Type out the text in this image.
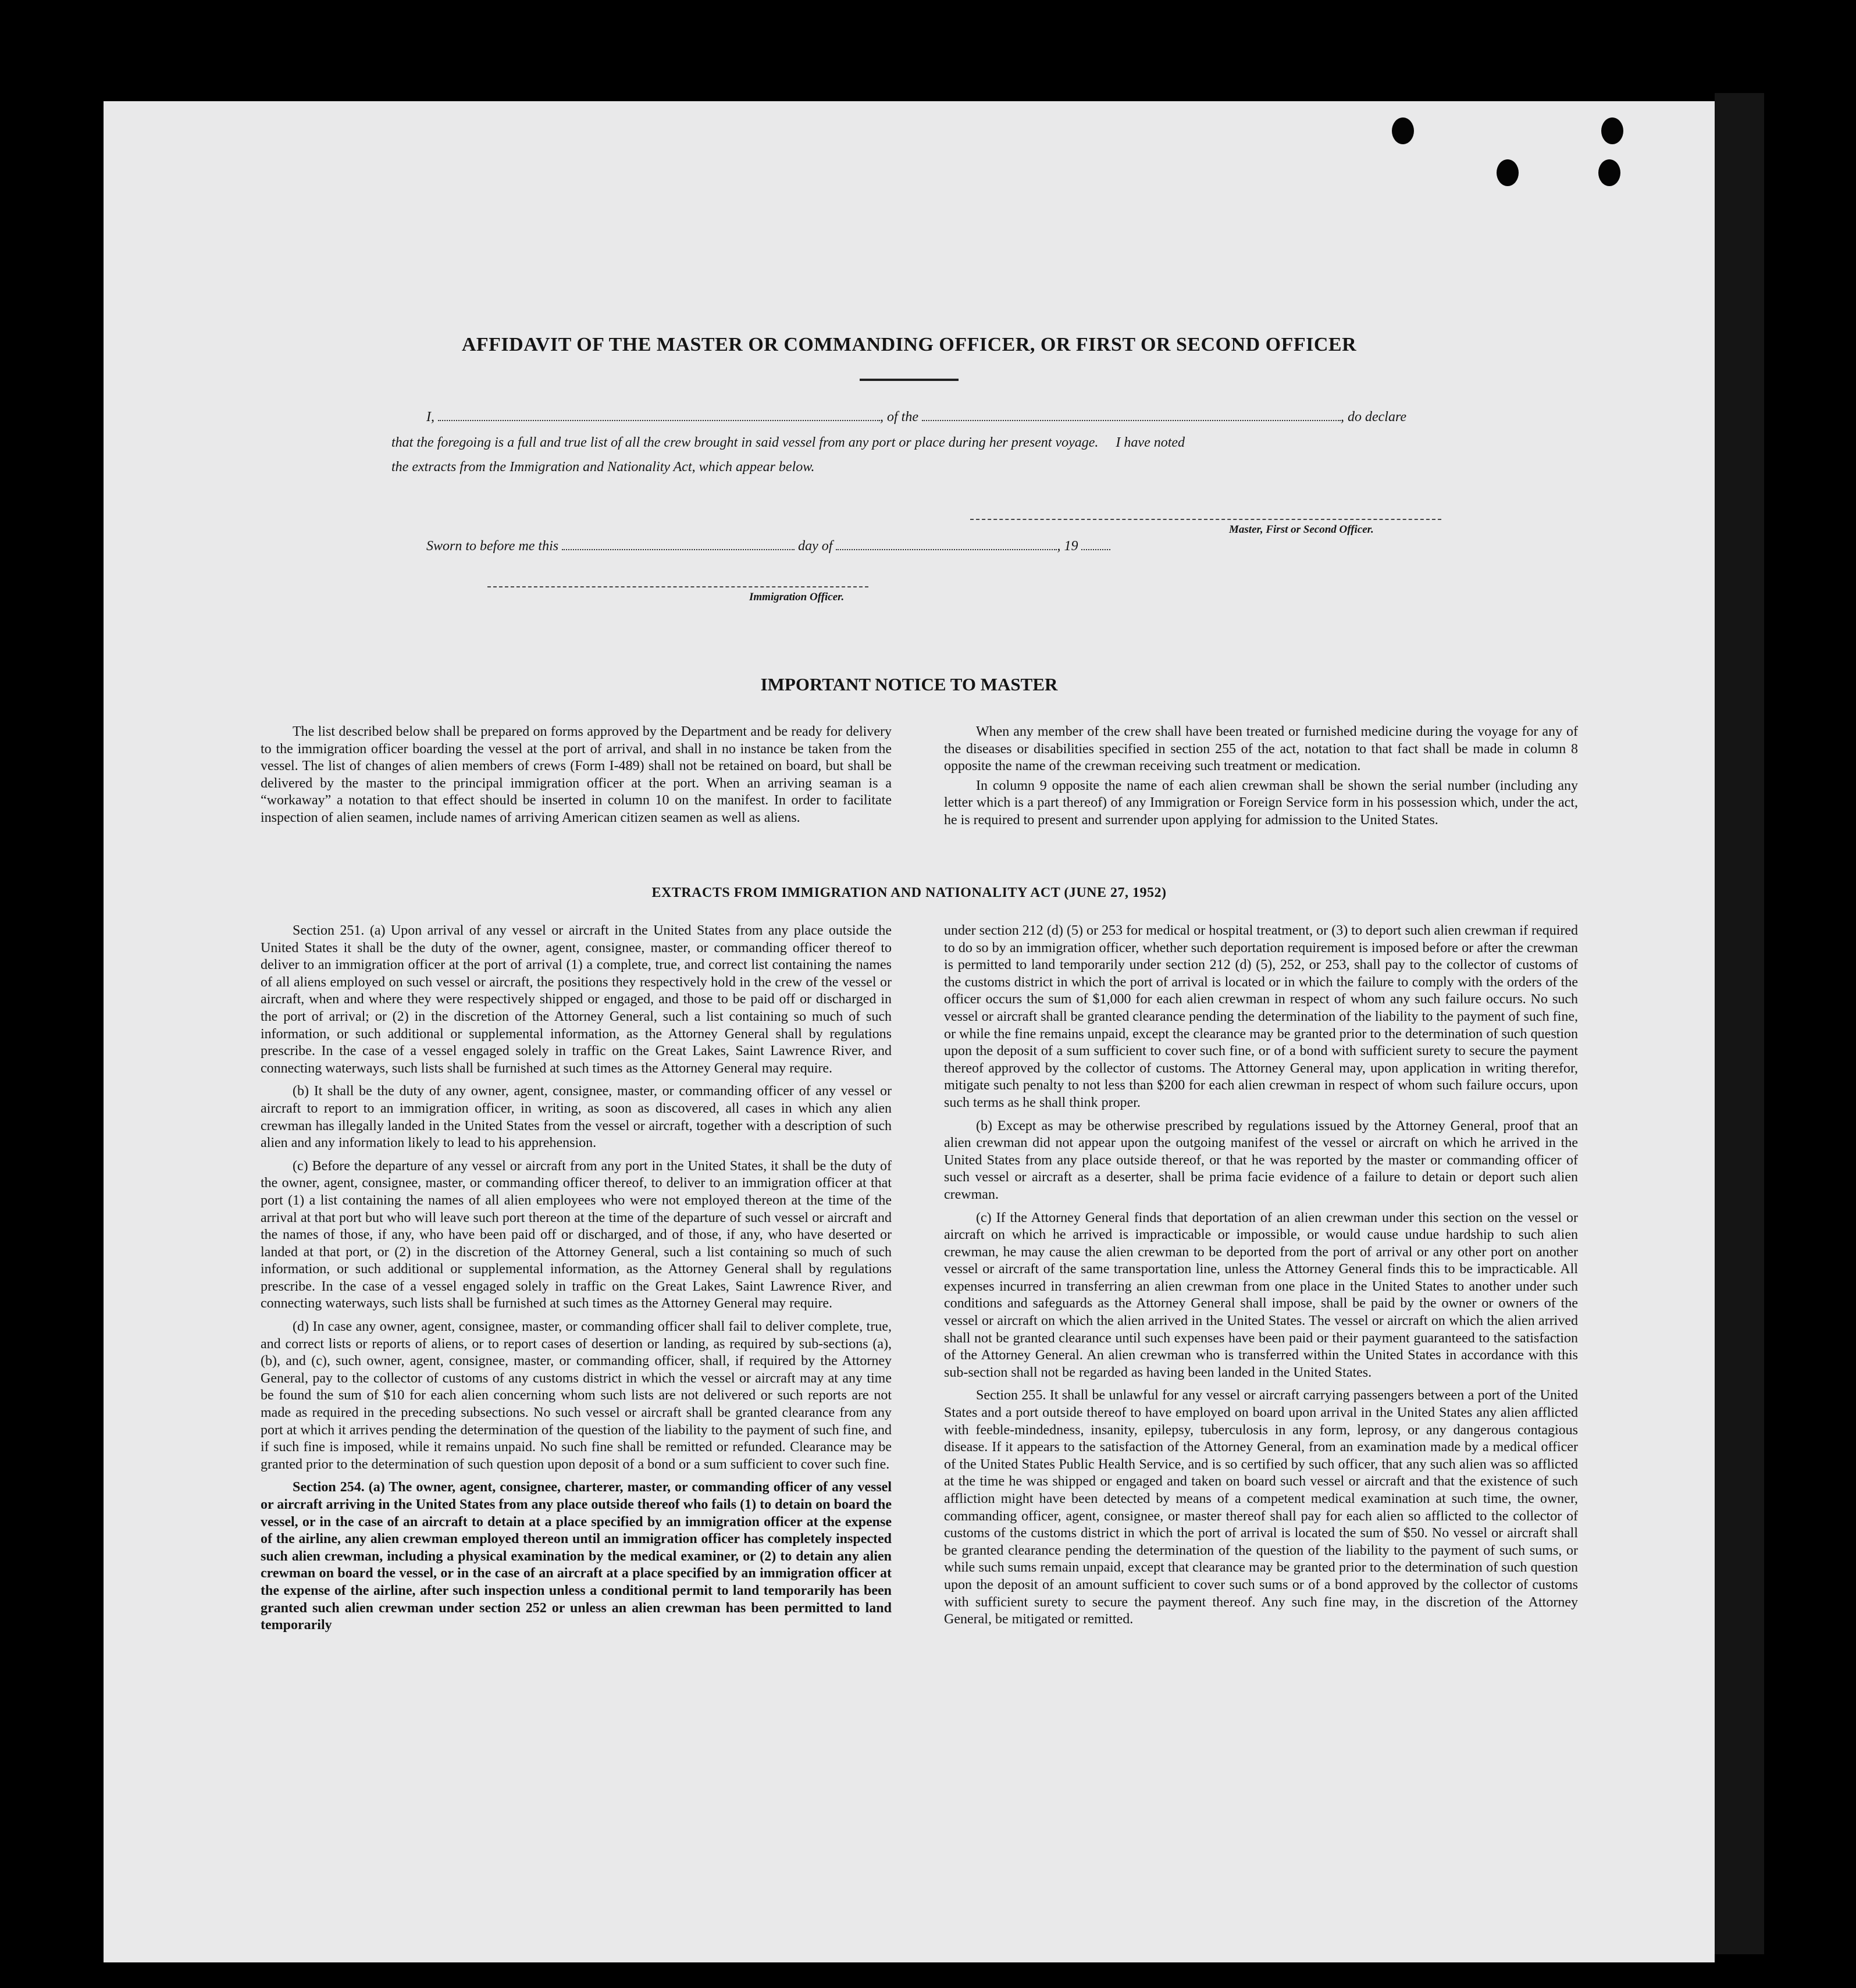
AFFIDAVIT OF THE MASTER OR COMMANDING OFFICER, OR FIRST OR SECOND OFFICER
I,	, of the	, do declare
that the foregoing is a full and true list of all the crew brought in said vessel from any port or place during her present voyage.     I have noted
the extracts from the Immigration and Nationality Act, which appear below.
Master, First or Second Officer.
Sworn to before me this	day of	, 19
Immigration Officer.
IMPORTANT NOTICE TO MASTER

The list described below shall be prepared on forms approved by the Department and be ready for delivery to the immigration officer boarding the vessel at the port of arrival, and shall in no instance be taken from the vessel. The list of changes of alien members of crews (Form I-489) shall not be retained on board, but shall be delivered by the master to the principal immigration officer at the port. When an arriving seaman is a “workaway” a notation to that effect should be inserted in column 10 on the manifest. In order to facilitate inspection of alien seamen, include names of arriving American citizen seamen as well as aliens.

When any member of the crew shall have been treated or furnished medicine during the voyage for any of the diseases or disabilities specified in section 255 of the act, notation to that fact shall be made in column 8 opposite the name of the crewman receiving such treatment or medication.

In column 9 opposite the name of each alien crewman shall be shown the serial number (including any letter which is a part thereof) of any Immigration or Foreign Service form in his possession which, under the act, he is required to present and surrender upon applying for admission to the United States.

EXTRACTS FROM IMMIGRATION AND NATIONALITY ACT (JUNE 27, 1952)

Section 251. (a) Upon arrival of any vessel or aircraft in the United States from any place outside the United States it shall be the duty of the owner, agent, consignee, master, or commanding officer thereof to deliver to an immigration officer at the port of arrival (1) a complete, true, and correct list containing the names of all aliens employed on such vessel or aircraft, the positions they respectively hold in the crew of the vessel or aircraft, when and where they were respectively shipped or engaged, and those to be paid off or discharged in the port of arrival; or (2) in the discretion of the Attorney General, such a list containing so much of such information, or such additional or supplemental information, as the Attorney General shall by regulations prescribe. In the case of a vessel engaged solely in traffic on the Great Lakes, Saint Lawrence River, and connecting waterways, such lists shall be furnished at such times as the Attorney General may require.

(b) It shall be the duty of any owner, agent, consignee, master, or commanding officer of any vessel or aircraft to report to an immigration officer, in writing, as soon as discovered, all cases in which any alien crewman has illegally landed in the United States from the vessel or aircraft, together with a description of such alien and any information likely to lead to his apprehension.

(c) Before the departure of any vessel or aircraft from any port in the United States, it shall be the duty of the owner, agent, consignee, master, or commanding officer thereof, to deliver to an immigration officer at that port (1) a list containing the names of all alien employees who were not employed thereon at the time of the arrival at that port but who will leave such port thereon at the time of the departure of such vessel or aircraft and the names of those, if any, who have been paid off or discharged, and of those, if any, who have deserted or landed at that port, or (2) in the discretion of the Attorney General, such a list containing so much of such information, or such additional or supplemental information, as the Attorney General shall by regulations prescribe. In the case of a vessel engaged solely in traffic on the Great Lakes, Saint Lawrence River, and connecting waterways, such lists shall be furnished at such times as the Attorney General may require.

(d) In case any owner, agent, consignee, master, or commanding officer shall fail to deliver complete, true, and correct lists or reports of aliens, or to report cases of desertion or landing, as required by sub-sections (a), (b), and (c), such owner, agent, consignee, master, or commanding officer, shall, if required by the Attorney General, pay to the collector of customs of any customs district in which the vessel or aircraft may at any time be found the sum of $10 for each alien concerning whom such lists are not delivered or such reports are not made as required in the preceding subsections. No such vessel or aircraft shall be granted clearance from any port at which it arrives pending the determination of the question of the liability to the payment of such fine, and if such fine is imposed, while it remains unpaid. No such fine shall be remitted or refunded. Clearance may be granted prior to the determination of such question upon deposit of a bond or a sum sufficient to cover such fine.

Section 254. (a) The owner, agent, consignee, charterer, master, or commanding officer of any vessel or aircraft arriving in the United States from any place outside thereof who fails (1) to detain on board the vessel, or in the case of an aircraft to detain at a place specified by an immigration officer at the expense of the airline, any alien crewman employed thereon until an immigration officer has completely inspected such alien crewman, including a physical examination by the medical examiner, or (2) to detain any alien crewman on board the vessel, or in the case of an aircraft at a place specified by an immigration officer at the expense of the airline, after such inspection unless a conditional permit to land temporarily has been granted such alien crewman under section 252 or unless an alien crewman has been permitted to land temporarily

under section 212 (d) (5) or 253 for medical or hospital treatment, or (3) to deport such alien crewman if required to do so by an immigration officer, whether such deportation requirement is imposed before or after the crewman is permitted to land temporarily under section 212 (d) (5), 252, or 253, shall pay to the collector of customs of the customs district in which the port of arrival is located or in which the failure to comply with the orders of the officer occurs the sum of $1,000 for each alien crewman in respect of whom any such failure occurs. No such vessel or aircraft shall be granted clearance pending the determination of the liability to the payment of such fine, or while the fine remains unpaid, except the clearance may be granted prior to the determination of such question upon the deposit of a sum sufficient to cover such fine, or of a bond with sufficient surety to secure the payment thereof approved by the collector of customs. The Attorney General may, upon application in writing therefor, mitigate such penalty to not less than $200 for each alien crewman in respect of whom such failure occurs, upon such terms as he shall think proper.

(b) Except as may be otherwise prescribed by regulations issued by the Attorney General, proof that an alien crewman did not appear upon the outgoing manifest of the vessel or aircraft on which he arrived in the United States from any place outside thereof, or that he was reported by the master or commanding officer of such vessel or aircraft as a deserter, shall be prima facie evidence of a failure to detain or deport such alien crewman.

(c) If the Attorney General finds that deportation of an alien crewman under this section on the vessel or aircraft on which he arrived is impracticable or impossible, or would cause undue hardship to such alien crewman, he may cause the alien crewman to be deported from the port of arrival or any other port on another vessel or aircraft of the same transportation line, unless the Attorney General finds this to be impracticable. All expenses incurred in transferring an alien crewman from one place in the United States to another under such conditions and safeguards as the Attorney General shall impose, shall be paid by the owner or owners of the vessel or aircraft on which the alien arrived in the United States. The vessel or aircraft on which the alien arrived shall not be granted clearance until such expenses have been paid or their payment guaranteed to the satisfaction of the Attorney General. An alien crewman who is transferred within the United States in accordance with this sub-section shall not be regarded as having been landed in the United States.

Section 255. It shall be unlawful for any vessel or aircraft carrying passengers between a port of the United States and a port outside thereof to have employed on board upon arrival in the United States any alien afflicted with feeble-mindedness, insanity, epilepsy, tuberculosis in any form, leprosy, or any dangerous contagious disease. If it appears to the satisfaction of the Attorney General, from an examination made by a medical officer of the United States Public Health Service, and is so certified by such officer, that any such alien was so afflicted at the time he was shipped or engaged and taken on board such vessel or aircraft and that the existence of such affliction might have been detected by means of a competent medical examination at such time, the owner, commanding officer, agent, consignee, or master thereof shall pay for each alien so afflicted to the collector of customs of the customs district in which the port of arrival is located the sum of $50. No vessel or aircraft shall be granted clearance pending the determination of the question of the liability to the payment of such sums, or while such sums remain unpaid, except that clearance may be granted prior to the determination of such question upon the deposit of an amount sufficient to cover such sums or of a bond approved by the collector of customs with sufficient surety to secure the payment thereof. Any such fine may, in the discretion of the Attorney General, be mitigated or remitted.
